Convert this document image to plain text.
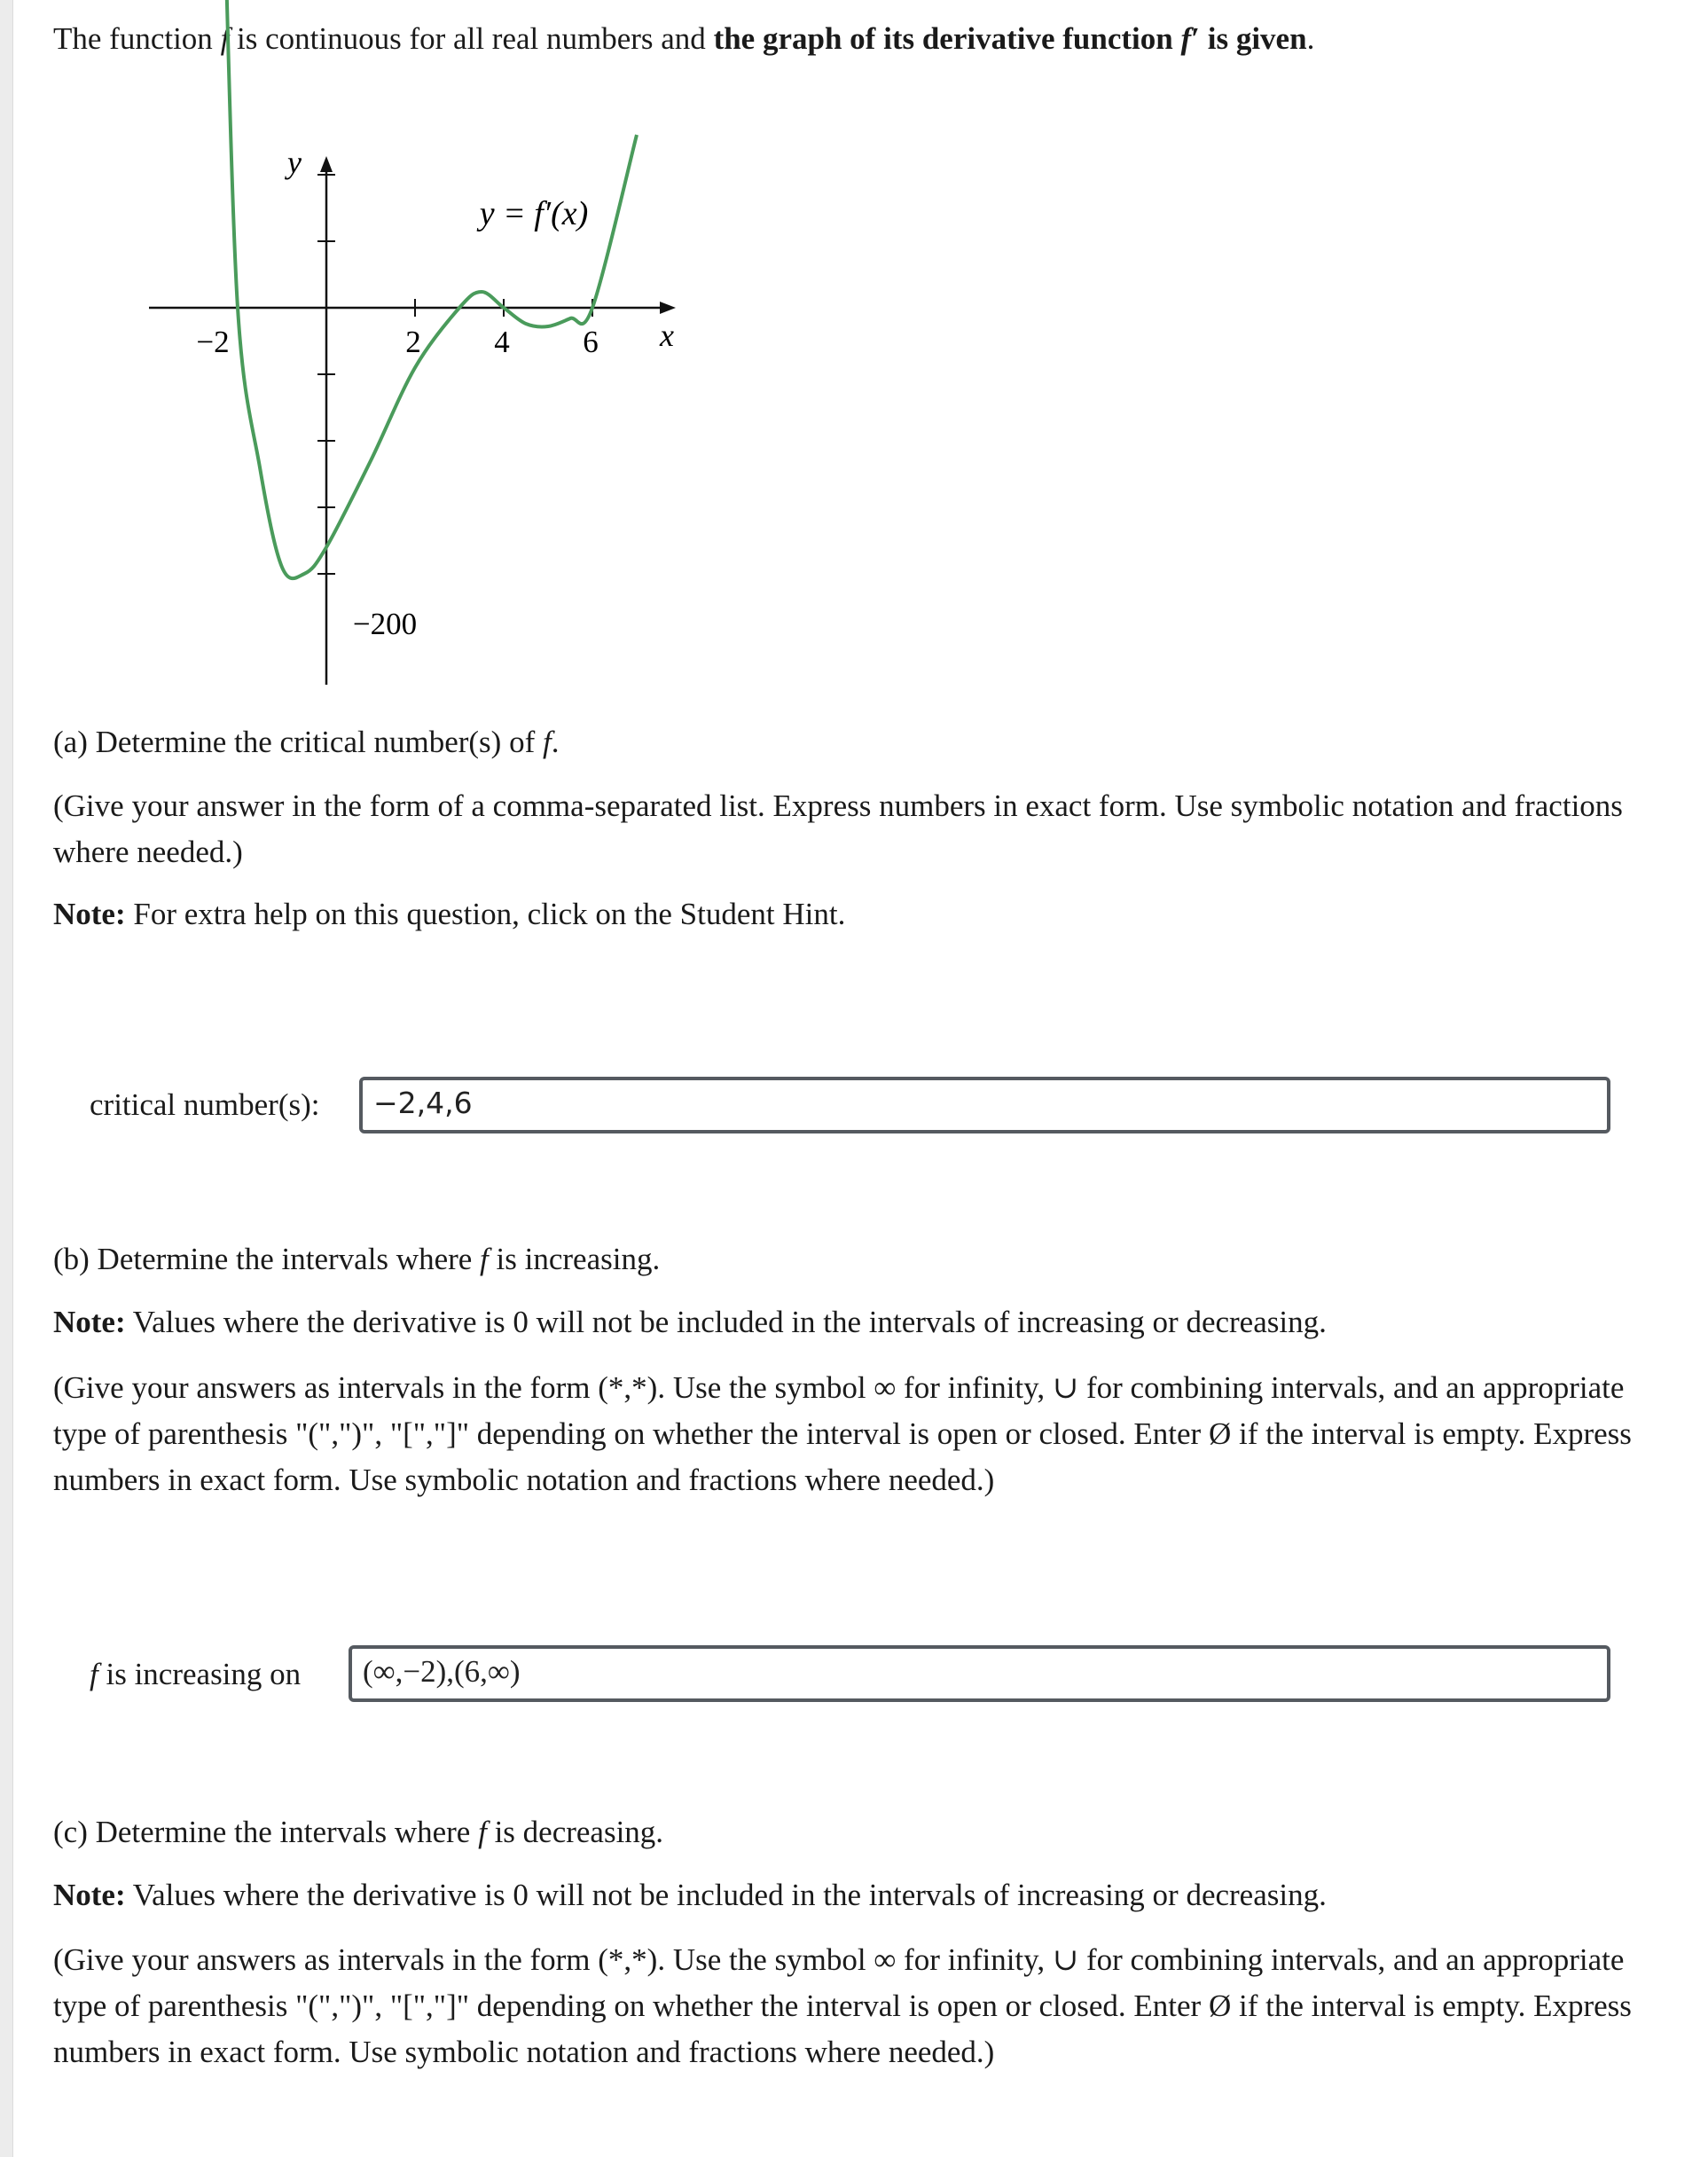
The function f is continuous for all real numbers and the graph of its derivative function f′ is given.
y
x
y = f′(x)
−2	2 4 6
−200
(a) Determine the critical number(s) of f.
(Give your answer in the form of a comma-separated list. Express numbers in exact form. Use symbolic notation and fractions where needed.)
Note: For extra help on this question, click on the Student Hint.
critical number(s):	−2,4,6
(b) Determine the intervals where f is increasing.
Note: Values where the derivative is 0 will not be included in the intervals of increasing or decreasing.
(Give your answers as intervals in the form (*,*). Use the symbol ∞ for infinity, ∪ for combining intervals, and an appropriate type of parenthesis "(",")", "[","]" depending on whether the interval is open or closed. Enter Ø if the interval is empty. Express numbers in exact form. Use symbolic notation and fractions where needed.)
f is increasing on	(∞,−2),(6,∞)
(c) Determine the intervals where f is decreasing.
Note: Values where the derivative is 0 will not be included in the intervals of increasing or decreasing.
(Give your answers as intervals in the form (*,*). Use the symbol ∞ for infinity, ∪ for combining intervals, and an appropriate type of parenthesis "(",")", "[","]" depending on whether the interval is open or closed. Enter Ø if the interval is empty. Express numbers in exact form. Use symbolic notation and fractions where needed.)
